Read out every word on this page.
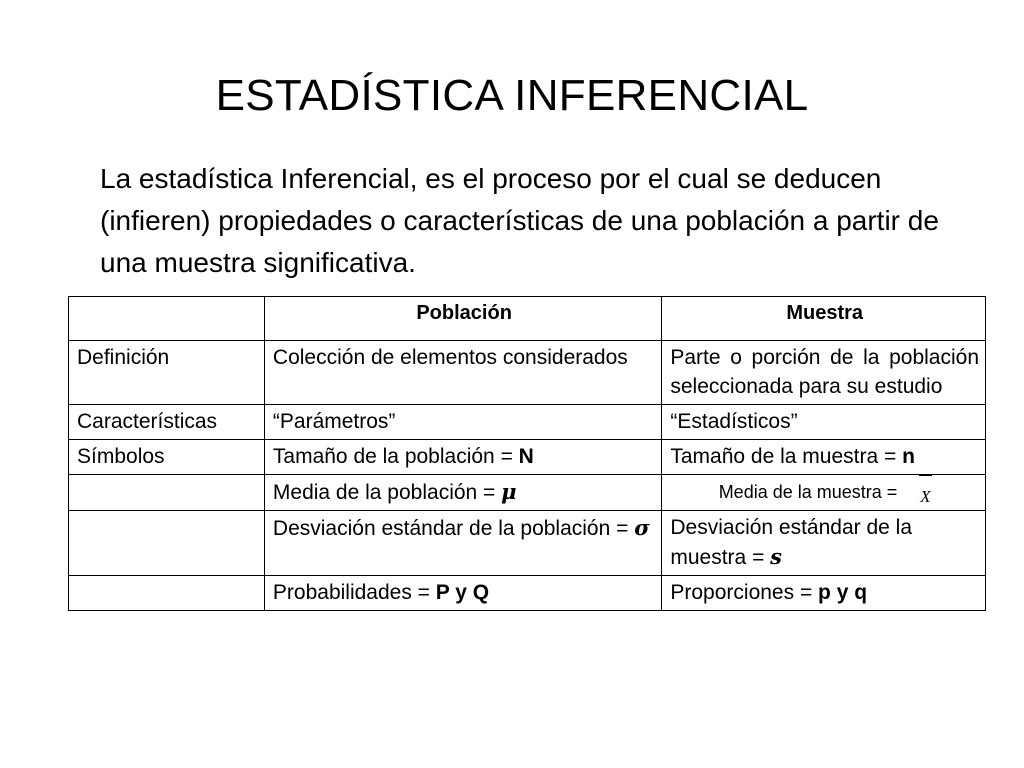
ESTADÍSTICA INFERENCIAL
La estadística Inferencial, es el proceso por el cual se deducen (infieren) propiedades o características de una población a partir de una muestra significativa.
	Población	Muestra
Definición	Colección de elementos considerados	Parte o porción de la población seleccionada para su estudio
Características	“Parámetros”	“Estadísticos”
Símbolos	Tamaño de la población = N	Tamaño de la muestra = n
	Media de la población = μ	Media de la muestra = X
	Desviación estándar de la población = σ	Desviación estándar de la muestra = s
	Probabilidades = P y Q	Proporciones = p y q
